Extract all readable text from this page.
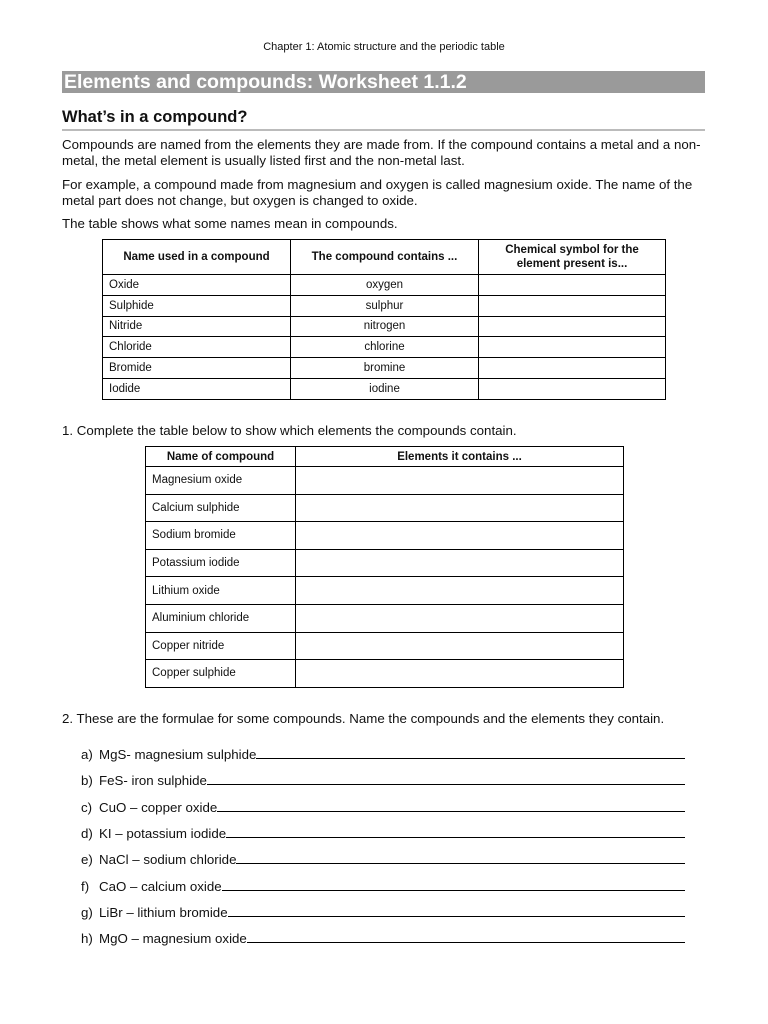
Chapter 1: Atomic structure and the periodic table
Elements and compounds: Worksheet 1.1.2
What’s in a compound?
Compounds are named from the elements they are made from. If the compound contains a metal and a non-metal, the metal element is usually listed first and the non-metal last.
For example, a compound made from magnesium and oxygen is called magnesium oxide. The name of the metal part does not change, but oxygen is changed to oxide.
The table shows what some names mean in compounds.
Name used in a compound	The compound contains ...	Chemical symbol for the element present is...
Oxide	oxygen	
Sulphide	sulphur	
Nitride	nitrogen	
Chloride	chlorine	
Bromide	bromine	
Iodide	iodine	
1. Complete the table below to show which elements the compounds contain.
Name of compound	Elements it contains ...
Magnesium oxide	
Calcium sulphide	
Sodium bromide	
Potassium iodide	
Lithium oxide	
Aluminium chloride	
Copper nitride	
Copper sulphide	
2. These are the formulae for some compounds. Name the compounds and the elements they contain.
a) MgS- magnesium sulphide
b) FeS- iron sulphide
c) CuO – copper oxide
d) KI – potassium iodide
e) NaCl – sodium chloride
f) CaO – calcium oxide
g) LiBr – lithium bromide
h) MgO – magnesium oxide
